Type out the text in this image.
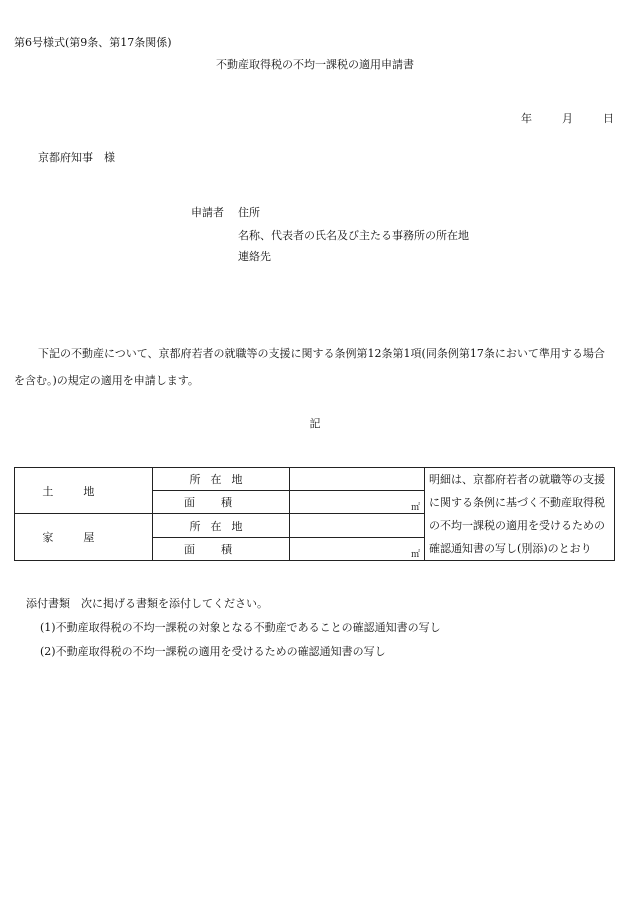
第6号様式(第9条、第17条関係)
不動産取得税の不均一課税の適用申請書
年	月	日
京都府知事　様
申請者 住所
名称、代表者の氏名及び主たる事務所の所在地
連絡先
下記の不動産について、京都府若者の就職等の支援に関する条例第12条第1項(同条例第17条において準用する場合を含む。)の規定の適用を申請します。
記
土地	所在地		明細は、京都府若者の就職等の支援に関する条例に基づく不動産取得税の不均一課税の適用を受けるための確認通知書の写し(別添)のとおり
	面積	㎡	
家屋	所在地		
	面積	㎡	
添付書類　次に掲げる書類を添付してください。
(1)不動産取得税の不均一課税の対象となる不動産であることの確認通知書の写し
(2)不動産取得税の不均一課税の適用を受けるための確認通知書の写し
